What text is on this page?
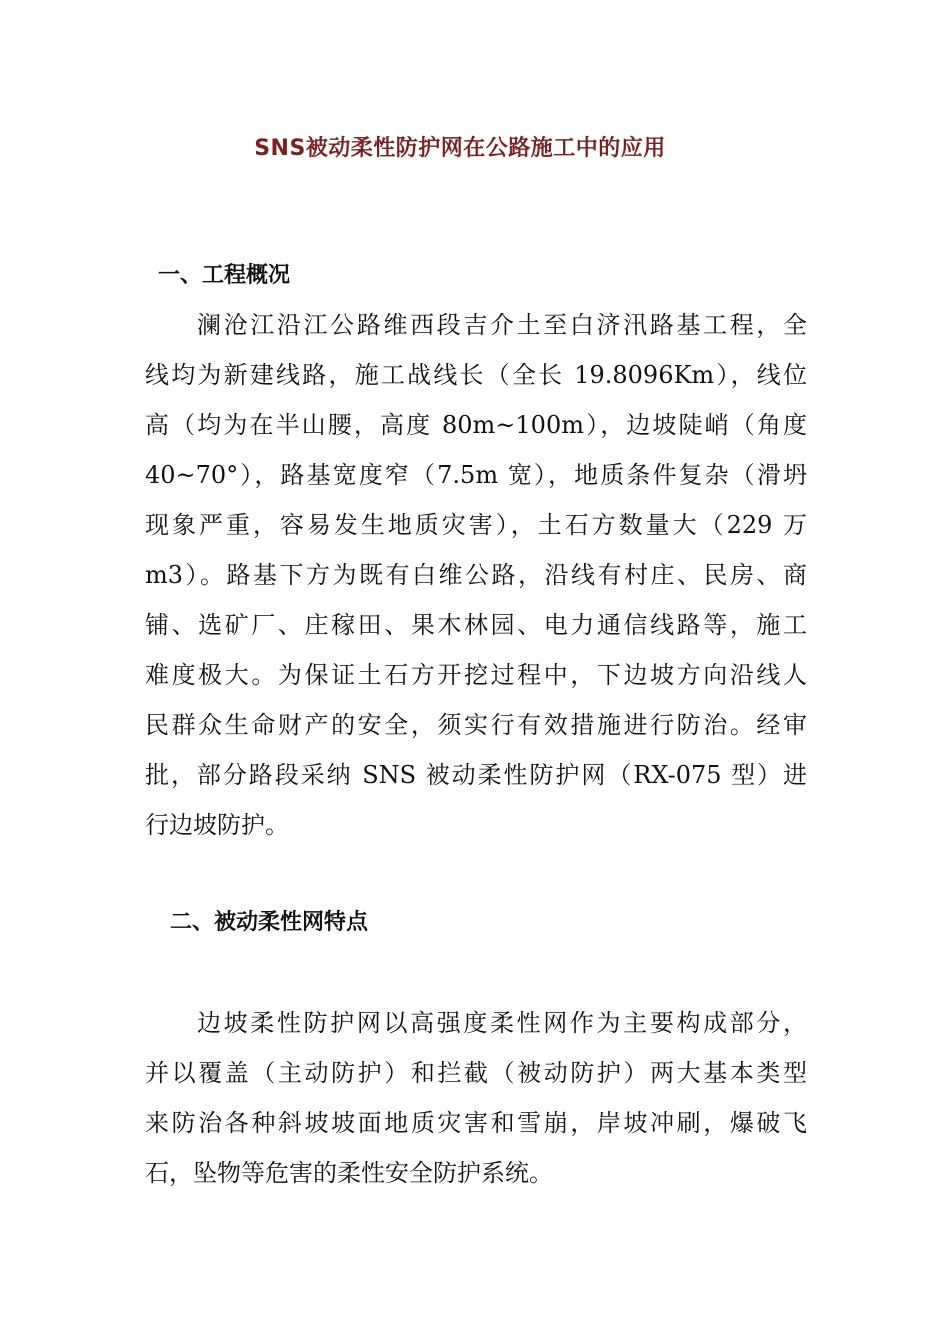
SNS被动柔性防护网在公路施工中的应用
一、工程概况
澜沧江沿江公路维西段吉介土至白济汛路基工程，全
线均为新建线路，施工战线长（全长 19.8096Km），线位
高（均为在半山腰，高度 80m~100m），边坡陡峭（角度
40~70°），路基宽度窄（7.5m 宽），地质条件复杂（滑坍
现象严重，容易发生地质灾害），土石方数量大（229 万
m3）。路基下方为既有白维公路，沿线有村庄、民房、商
铺、选矿厂、庄稼田、果木林园、电力通信线路等，施工
难度极大。为保证土石方开挖过程中，下边坡方向沿线人
民群众生命财产的安全，须实行有效措施进行防治。经审
批，部分路段采纳 SNS 被动柔性防护网（RX-075 型）进
行边坡防护。
二、被动柔性网特点
边坡柔性防护网以高强度柔性网作为主要构成部分，
并以覆盖（主动防护）和拦截（被动防护）两大基本类型
来防治各种斜坡坡面地质灾害和雪崩，岸坡冲刷，爆破飞
石，坠物等危害的柔性安全防护系统。
